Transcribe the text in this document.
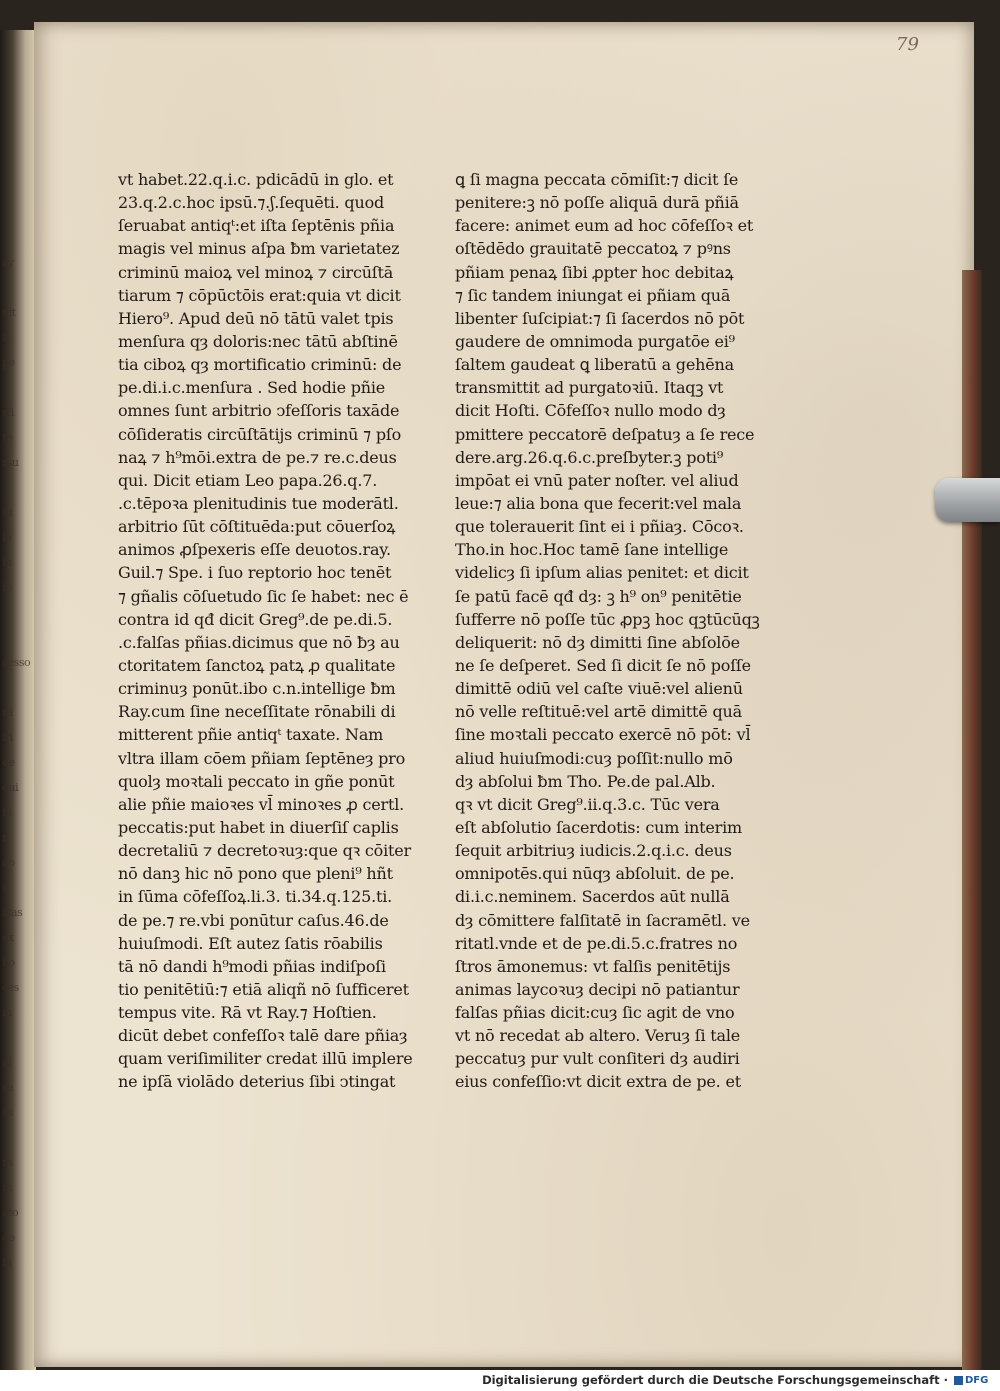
ay

uit
it
pe

sfi
te
rsu

tu
lo
lu
fe

cesso

ra
iri
de
qui
bi
n
do
u
illas
ex
bo
ces
in

el
se
as

m
m
ato
do
fa
79
vt habet.22.q.i.c. pdicādū in glo. et
23.q.2.c.hoc ipsū.⁊.ʃ.ſequēti. quod
ſeruabat antiqᵗ:et iſta ſeptēnis pñia
magis vel minus aſpa ƀm varietatez
criminū maioꝝ vel minoꝝ ⁊ circūſtā
tiarum ⁊ cōpūctōis erat:quia vt dicit
Hiero⁹. Apud deū nō tātū valet tpis
menſura qȝ doloris:nec tātū abſtinē
tia ciboꝝ qȝ mortificatio criminū: de
pe.di.i.c.menſura . Sed hodie pñie
omnes ſunt arbitrio ↄfeſſoris taxāde
cōſideratis circūſtātijs criminū ⁊ pſo
naꝝ ⁊ h⁹mōi.extra de pe.⁊ re.c.deus
qui. Dicit etiam Leo papa.26.q.7.
.c.tēpoꝛa plenitudinis tue moderātl.
arbitrio ſūt cōſtituēda:put cōuerſoꝝ
animos ꝓſpexeris eſſe deuotos.ray.
Guil.⁊ Spe. i ſuo reptorio hoc tenēt
⁊ gñalis cōſuetudo ſic ſe habet: nec ē
contra id qđ dicit Greg⁹.de pe.di.5.
.c.falſas pñias.dicimus que nō ƀȝ au
ctoritatem ſanctoꝝ patꝝ ꝓ qualitate
criminuȝ ponūt.ibo c.n.intellige ƀm
Ray.cum ſine neceſſitate rōnabili di
mitterent pñie antiqᵗ taxate. Nam
vltra illam cōem pñiam ſeptēneȝ pro
quolȝ moꝛtali peccato in gñe ponūt
alie pñie maioꝛes vl̄ minoꝛes ꝓ certl.
peccatis:put habet in diuerſiſ caplis
decretaliū ⁊ decretoꝛuȝ:que qꝛ cōiter
nō danꝫ hic nō pono que pleni⁹ hñt
in ſūma cōfeſſoꝝ.li.3. ti.34.q.125.ti.
de pe.⁊ re.vbi ponūtur caſus.46.de
huiuſmodi. Eſt autez ſatis rōabilis
tā nō dandi h⁹modi pñias indiſpoſi
tio penitētiū:⁊ etiā aliqñ nō ſufficeret
tempus vite. Rā vt Ray.⁊ Hoſtien.
dicūt debet confeſſoꝛ talē dare pñiaȝ
quam veriſimiliter credat illū implere
ne ipſā violādo deterius ſibi ↄtingat
ꝗ ſi magna peccata cōmiſit:⁊ dicit ſe
penitere:ꝫ nō poſſe aliquā durā pñiā
facere: animet eum ad hoc cōfeſſoꝛ et
oſtēdēdo grauitatē peccatoꝝ ⁊ pꝰns
pñiam penaꝝ ſibi ꝓpter hoc debitaꝝ
⁊ ſic tandem iniungat ei pñiam quā
libenter ſuſcipiat:⁊ ſi ſacerdos nō pōt
gaudere de omnimoda purgatōe ei⁹
ſaltem gaudeat ꝗ liberatū a gehēna
transmittit ad purgatoꝛiū. Itaqꝫ vt
dicit Hoſti. Cōfeſſoꝛ nullo modo dȝ
pmittere peccatorē deſpatuȝ a ſe rece
dere.arg.26.q.6.c.preſbyter.ꝫ poti⁹
impōat ei vnū pater noſter. vel aliud
leue:⁊ alia bona que fecerit:vel mala
que tolerauerit ſint ei i pñiaȝ. Cōcoꝛ.
Tho.in hoc.Hoc tamē ſane intellige
videlicȝ ſi ipſum alias penitet: et dicit
ſe patū facē qđ dȝ: ꝫ h⁹ on⁹ penitētie
ſufferre nō poſſe tūc ꝓpꝫ hoc qꝫtūcūqꝫ
deliquerit: nō dȝ dimitti ſine abſolōe
ne ſe deſperet. Sed ſi dicit ſe nō poſſe
dimittē odiū vel caſte viuē:vel alienū
nō velle reſtituē:vel artē dimittē quā
ſine moꝛtali peccato exercē nō pōt: vl̄
aliud huiuſmodi:cuȝ poſſit:nullo mō
dȝ abſolui ƀm Tho. Pe.de pal.Alb.
qꝛ vt dicit Greg⁹.ii.q.3.c. Tūc vera
eſt abſolutio ſacerdotis: cum interim
ſequit arbitriuȝ iudicis.2.q.i.c. deus
omnipotēs.qui nūqȝ abſoluit. de pe.
di.i.c.neminem. Sacerdos aūt nullā
dȝ cōmittere falſitatē in ſacramētl. ve
ritatl.vnde et de pe.di.5.c.fratres no
ſtros āmonemus: vt falſis penitētijs
animas laycoꝛuȝ decipi nō patiantur
falſas pñias dicit:cuȝ ſic agit de vno
vt nō recedat ab altero. Veruȝ ſi tale
peccatuȝ pur vult conſiteri dȝ audiri
eius confeſſio:vt dicit extra de pe. et
Digitalisierung gefördert durch die Deutsche Forschungsgemeinschaft · DFG
